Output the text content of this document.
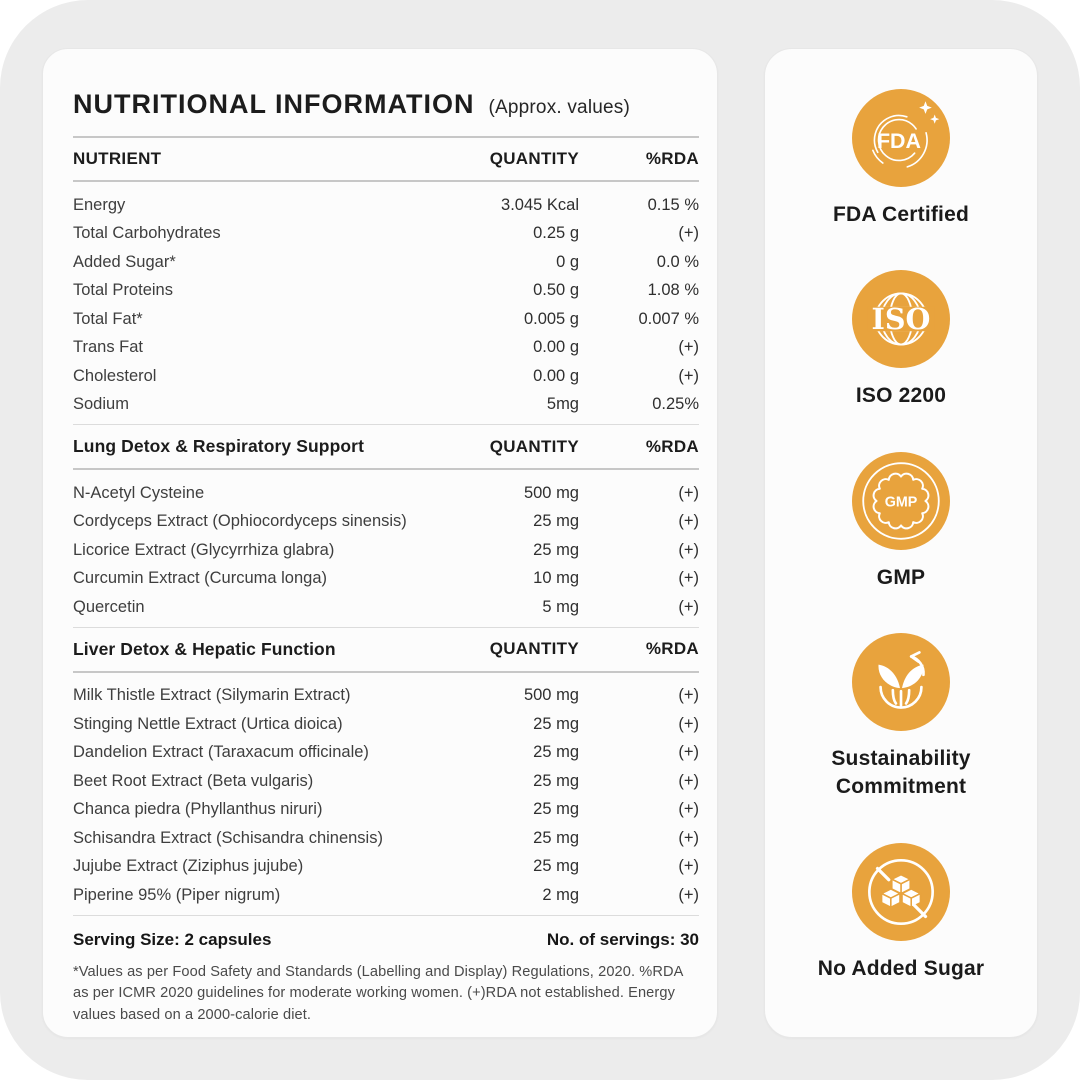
NUTRITIONAL INFORMATION (Approx. values)
NUTRIENT	QUANTITY	%RDA
Energy	3.045 Kcal	0.15 %
Total Carbohydrates	0.25 g	(+)
Added Sugar*	0 g	0.0 %
Total Proteins	0.50 g	1.08 %
Total Fat*	0.005 g	0.007 %
Trans Fat	0.00 g	(+)
Cholesterol	0.00 g	(+)
Sodium	5mg	0.25%
Lung Detox & Respiratory Support	QUANTITY	%RDA
N-Acetyl Cysteine	500 mg	(+)
Cordyceps Extract (Ophiocordyceps sinensis)	25 mg	(+)
Licorice Extract (Glycyrrhiza glabra)	25 mg	(+)
Curcumin Extract (Curcuma longa)	10 mg	(+)
Quercetin	5 mg	(+)
Liver Detox & Hepatic Function	QUANTITY	%RDA
Milk Thistle Extract (Silymarin Extract)	500 mg	(+)
Stinging Nettle Extract (Urtica dioica)	25 mg	(+)
Dandelion Extract (Taraxacum officinale)	25 mg	(+)
Beet Root Extract (Beta vulgaris)	25 mg	(+)
Chanca piedra (Phyllanthus niruri)	25 mg	(+)
Schisandra Extract (Schisandra chinensis)	25 mg	(+)
Jujube Extract (Ziziphus jujube)	25 mg	(+)
Piperine 95% (Piper nigrum)	2 mg	(+)
Serving Size: 2 capsules	No. of servings: 30

*Values as per Food Safety and Standards (Labelling and Display) Regulations, 2020. %RDA as per ICMR 2020 guidelines for moderate working women. (+)RDA not established. Energy values based on a 2000-calorie diet.

FDA
FDA Certified
ISO
ISO 2200
GMP
GMP
Sustainability Commitment
No Added Sugar
